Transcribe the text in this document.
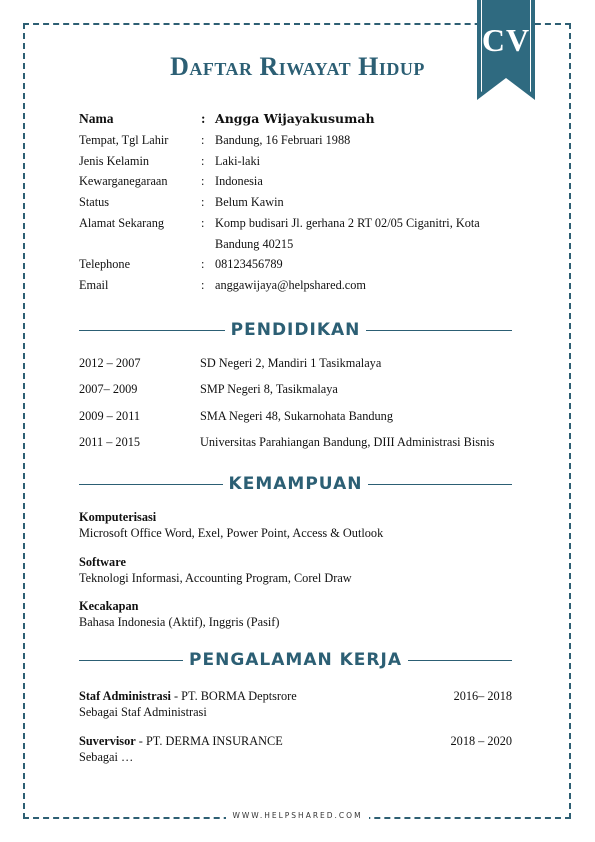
CV
Daftar Riwayat Hidup
Nama	: Angga Wijayakusumah
Tempat, Tgl Lahir	: Bandung, 16 Februari 1988
Jenis Kelamin	: Laki-laki
Kewarganegaraan	: Indonesia
Status	: Belum Kawin
Alamat Sekarang	: Komp budisari Jl. gerhana 2 RT 02/05 Ciganitri, Kota
Bandung 40215
Telephone	: 08123456789
Email	: anggawijaya@helpshared.com
PENDIDIKAN
2012 – 2007	SD Negeri 2, Mandiri 1 Tasikmalaya
2007– 2009	SMP Negeri 8, Tasikmalaya
2009 – 2011	SMA Negeri 48, Sukarnohata Bandung
2011 – 2015	Universitas Parahiangan Bandung, DIII Administrasi Bisnis
KEMAMPUAN
Komputerisasi
Microsoft Office Word, Exel, Power Point, Access & Outlook
Software
Teknologi Informasi, Accounting Program, Corel Draw
Kecakapan
Bahasa Indonesia (Aktif), Inggris (Pasif)
PENGALAMAN KERJA
Staf Administrasi - PT. BORMA Deptsrore	2016– 2018
Sebagai Staf Administrasi
Suvervisor - PT. DERMA INSURANCE	2018 – 2020
Sebagai …
WWW.HELPSHARED.COM
